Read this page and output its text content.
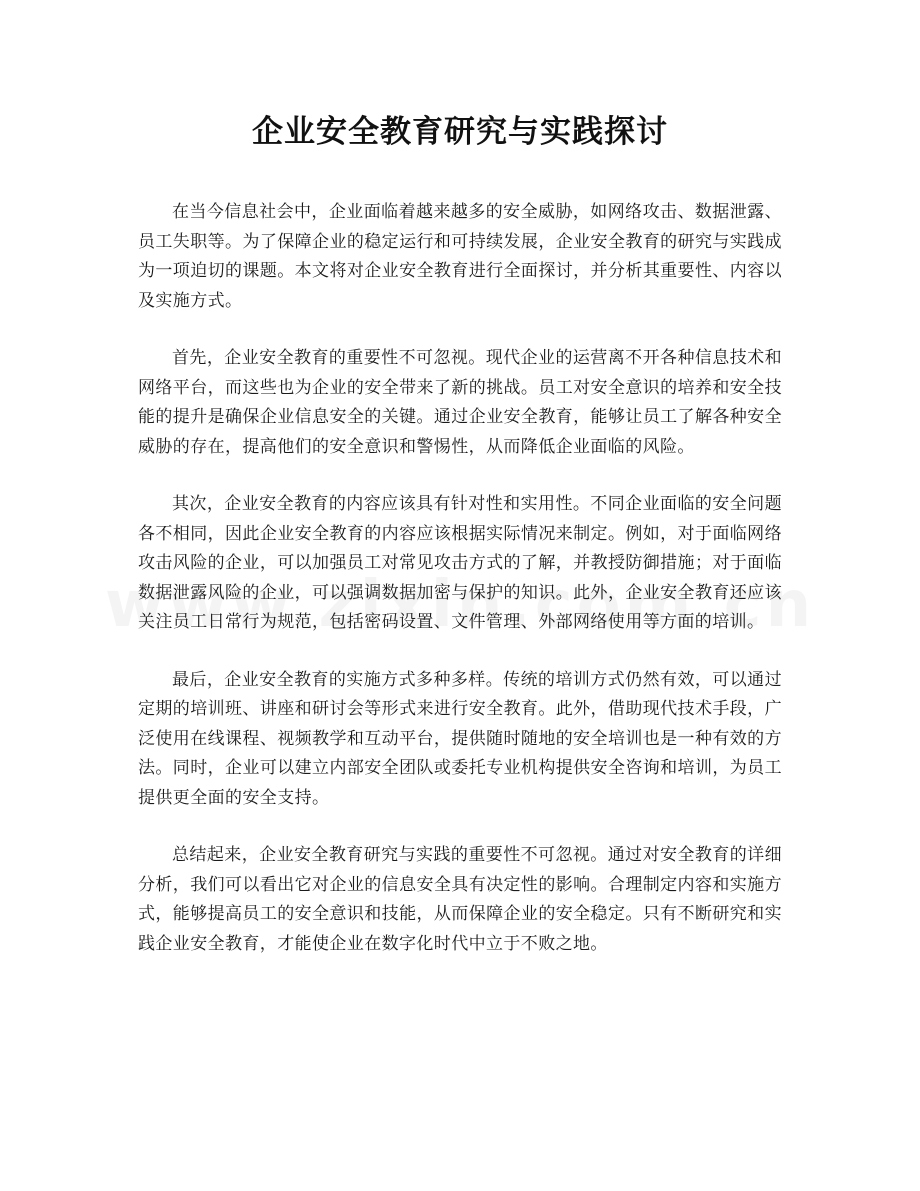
企业安全教育研究与实践探讨

在当今信息社会中，企业面临着越来越多的安全威胁，如网络攻击、数据泄露、员工失职等。为了保障企业的稳定运行和可持续发展，企业安全教育的研究与实践成为一项迫切的课题。本文将对企业安全教育进行全面探讨，并分析其重要性、内容以及实施方式。

首先，企业安全教育的重要性不可忽视。现代企业的运营离不开各种信息技术和网络平台，而这些也为企业的安全带来了新的挑战。员工对安全意识的培养和安全技能的提升是确保企业信息安全的关键。通过企业安全教育，能够让员工了解各种安全威胁的存在，提高他们的安全意识和警惕性，从而降低企业面临的风险。

其次，企业安全教育的内容应该具有针对性和实用性。不同企业面临的安全问题各不相同，因此企业安全教育的内容应该根据实际情况来制定。例如，对于面临网络攻击风险的企业，可以加强员工对常见攻击方式的了解，并教授防御措施；对于面临数据泄露风险的企业，可以强调数据加密与保护的知识。此外，企业安全教育还应该关注员工日常行为规范，包括密码设置、文件管理、外部网络使用等方面的培训。

最后，企业安全教育的实施方式多种多样。传统的培训方式仍然有效，可以通过定期的培训班、讲座和研讨会等形式来进行安全教育。此外，借助现代技术手段，广泛使用在线课程、视频教学和互动平台，提供随时随地的安全培训也是一种有效的方法。同时，企业可以建立内部安全团队或委托专业机构提供安全咨询和培训，为员工提供更全面的安全支持。

总结起来，企业安全教育研究与实践的重要性不可忽视。通过对安全教育的详细分析，我们可以看出它对企业的信息安全具有决定性的影响。合理制定内容和实施方式，能够提高员工的安全意识和技能，从而保障企业的安全稳定。只有不断研究和实践企业安全教育，才能使企业在数字化时代中立于不败之地。
